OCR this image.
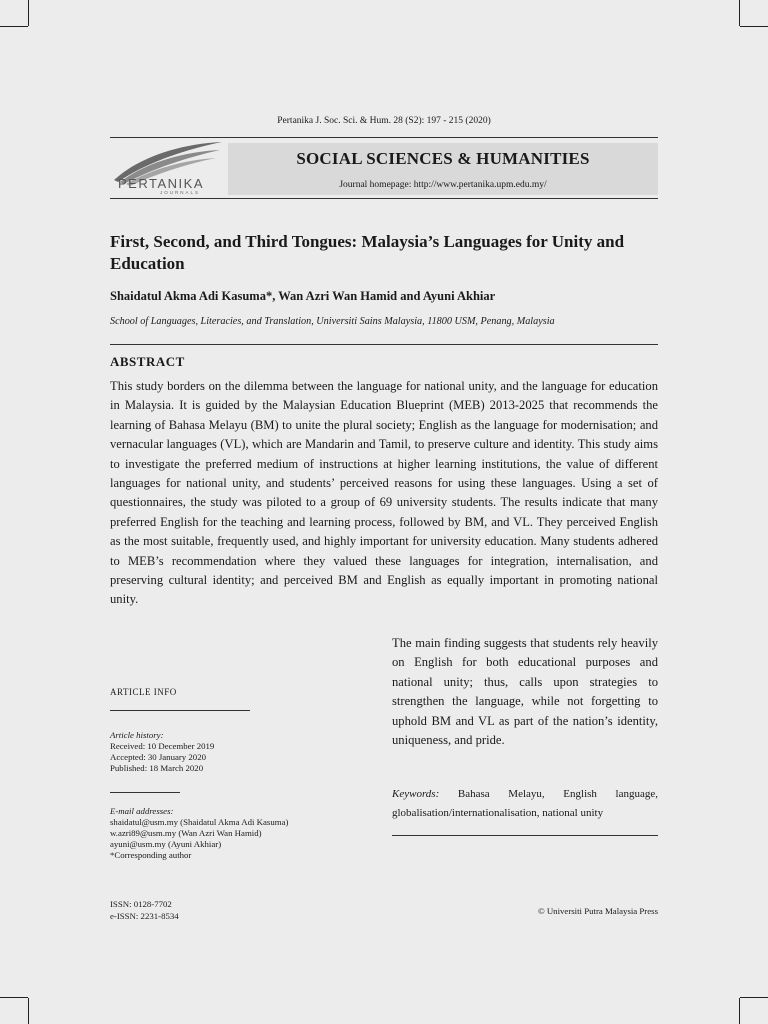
Pertanika J. Soc. Sci. & Hum. 28 (S2): 197 - 215 (2020)
PERTANIKA
JOURNALS
SOCIAL SCIENCES & HUMANITIES
Journal homepage: http://www.pertanika.upm.edu.my/
First, Second, and Third Tongues: Malaysia’s Languages for Unity and Education
Shaidatul Akma Adi Kasuma*, Wan Azri Wan Hamid and Ayuni Akhiar
School of Languages, Literacies, and Translation, Universiti Sains Malaysia, 11800 USM, Penang, Malaysia
ABSTRACT

This study borders on the dilemma between the language for national unity, and the language for education in Malaysia. It is guided by the Malaysian Education Blueprint (MEB) 2013-2025 that recommends the learning of Bahasa Melayu (BM) to unite the plural society; English as the language for modernisation; and vernacular languages (VL), which are Mandarin and Tamil, to preserve culture and identity. This study aims to investigate the preferred medium of instructions at higher learning institutions, the value of different languages for national unity, and students’ perceived reasons for using these languages. Using a set of questionnaires, the study was piloted to a group of 69 university students. The results indicate that many preferred English for the teaching and learning process, followed by BM, and VL. They perceived English as the most suitable, frequently used, and highly important for university education. Many students adhered to MEB’s recommendation where they valued these languages for integration, internalisation, and preserving cultural identity; and perceived BM and English as equally important in promoting national unity.

The main finding suggests that students rely heavily on English for both educational purposes and national unity; thus, calls upon strategies to strengthen the language, while not forgetting to uphold BM and VL as part of the nation’s identity, uniqueness, and pride.

Keywords: Bahasa Melayu, English language, globalisation/internationalisation, national unity
ARTICLE INFO
Article history:
Received: 10 December 2019
Accepted: 30 January 2020
Published: 18 March 2020
E-mail addresses:
shaidatul@usm.my (Shaidatul Akma Adi Kasuma)
w.azri89@usm.my (Wan Azri Wan Hamid)
ayuni@usm.my (Ayuni Akhiar)
*Corresponding author
ISSN: 0128-7702
e-ISSN: 2231-8534	© Universiti Putra Malaysia Press
